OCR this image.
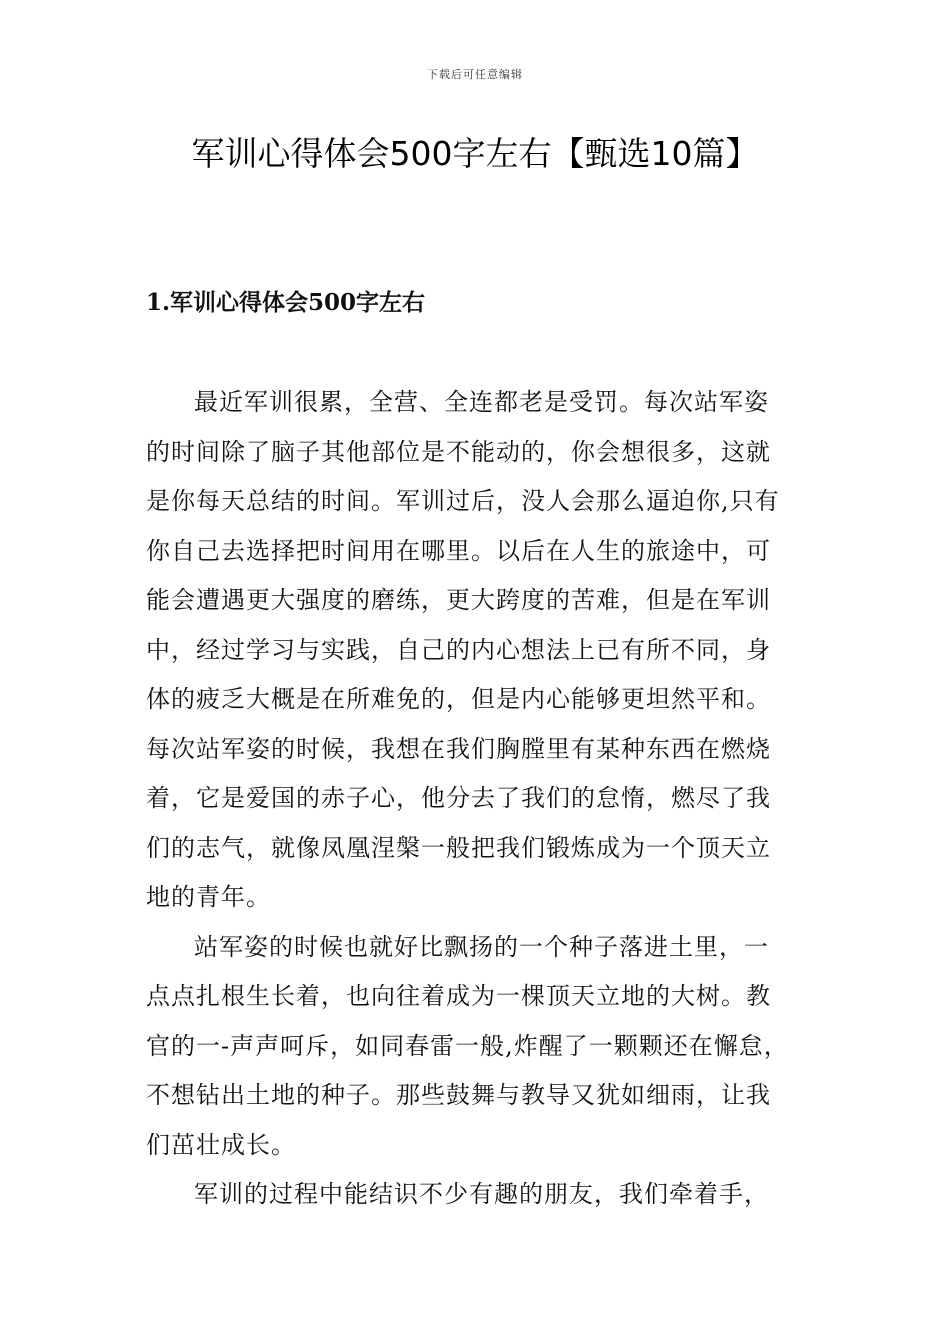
下载后可任意编辑
军训心得体会500字左右【甄选10篇】
1.军训心得体会500字左右

最近军训很累，全营、全连都老是受罚。每次站军姿
的时间除了脑子其他部位是不能动的，你会想很多，这就
是你每天总结的时间。军训过后，没人会那么逼迫你,只有
你自己去选择把时间用在哪里。以后在人生的旅途中，可
能会遭遇更大强度的磨练，更大跨度的苦难，但是在军训
中，经过学习与实践，自己的内心想法上已有所不同，身
体的疲乏大概是在所难免的，但是内心能够更坦然平和。
每次站军姿的时候，我想在我们胸膛里有某种东西在燃烧
着，它是爱国的赤子心，他分去了我们的怠惰，燃尽了我
们的志气，就像凤凰涅槃一般把我们锻炼成为一个顶天立
地的青年。

站军姿的时候也就好比飘扬的一个种子落进土里，一
点点扎根生长着，也向往着成为一棵顶天立地的大树。教
官的一-声声呵斥，如同春雷一般,炸醒了一颗颗还在懈怠，
不想钻出土地的种子。那些鼓舞与教导又犹如细雨，让我
们茁壮成长。

军训的过程中能结识不少有趣的朋友，我们牵着手，
